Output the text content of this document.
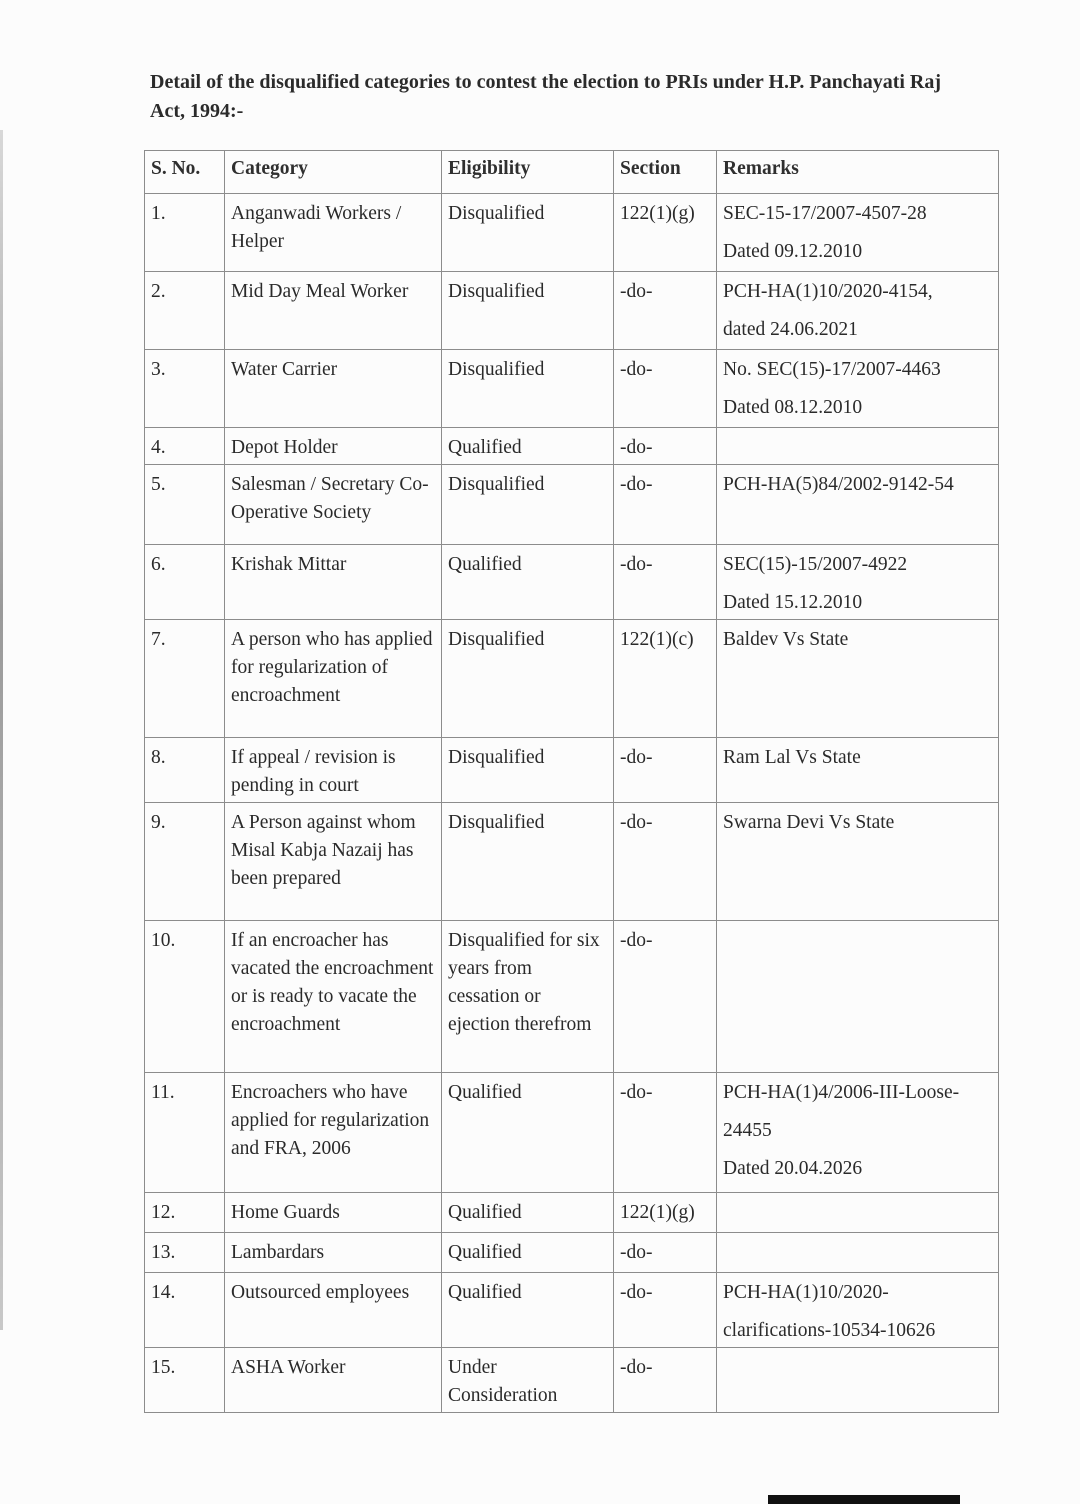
Detail of the disqualified categories to contest the election to PRIs under H.P. Panchayati Raj Act, 1994:-
S. No.	Category	Eligibility	Section	Remarks
1.	Anganwadi Workers / Helper	Disqualified	122(1)(g)	SEC-15-17/2007-4507-28
Dated 09.12.2010

2.	Mid Day Meal Worker	Disqualified	-do-	PCH-HA(1)10/2020-4154,
dated 24.06.2021

3.	Water Carrier	Disqualified	-do-	No. SEC(15)-17/2007-4463
Dated 08.12.2010

4.	Depot Holder	Qualified	-do-	
5.	Salesman / Secretary Co-Operative Society	Disqualified	-do-	PCH-HA(5)84/2002-9142-54

6.	Krishak Mittar	Qualified	-do-	SEC(15)-15/2007-4922
Dated 15.12.2010

7.	A person who has applied for regularization of encroachment	Disqualified	122(1)(c)	Baldev Vs State

8.	If appeal / revision is pending in court	Disqualified	-do-	Ram Lal Vs State

9.	A Person against whom Misal Kabja Nazaij has been prepared	Disqualified	-do-	Swarna Devi Vs State

10.	If an encroacher has vacated the encroachment or is ready to vacate the encroachment	Disqualified for six years from cessation or ejection therefrom	-do-	
11.	Encroachers who have applied for regularization and FRA, 2006	Qualified	-do-	PCH-HA(1)4/2006-III-Loose-
24455
Dated 20.04.2026

12.	Home Guards	Qualified	122(1)(g)	
13.	Lambardars	Qualified	-do-	
14.	Outsourced employees	Qualified	-do-	PCH-HA(1)10/2020-
clarifications-10534-10626

15.	ASHA Worker	Under Consideration	-do-	
